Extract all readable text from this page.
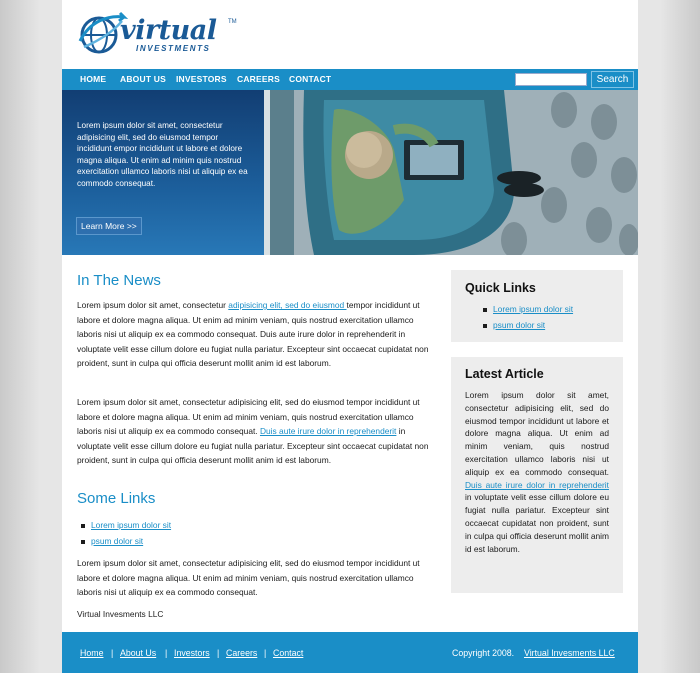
virtual TM
INVESTMENTS
HOME ABOUT US INVESTORS CAREERS CONTACT	Search
Lorem ipsum dolor sit amet, consectetur adipisicing elit, sed do eiusmod tempor incididunt empor incididunt ut labore et dolore magna aliqua. Ut enim ad minim quis nostrud exercitation ullamco laboris nisi ut aliquip ex ea commodo consequat.
Learn More >>
In The News

Lorem ipsum dolor sit amet, consectetur adipisicing elit, sed do eiusmod tempor incididunt ut labore et dolore magna aliqua. Ut enim ad minim veniam, quis nostrud exercitation ullamco laboris nisi ut aliquip ex ea commodo consequat. Duis aute irure dolor in reprehenderit in voluptate velit esse cillum dolore eu fugiat nulla pariatur. Excepteur sint occaecat cupidatat non proident, sunt in culpa qui officia deserunt mollit anim id est laborum.

Lorem ipsum dolor sit amet, consectetur adipisicing elit, sed do eiusmod tempor incididunt ut labore et dolore magna aliqua. Ut enim ad minim veniam, quis nostrud exercitation ullamco laboris nisi ut aliquip ex ea commodo consequat. Duis aute irure dolor in reprehenderit in voluptate velit esse cillum dolore eu fugiat nulla pariatur. Excepteur sint occaecat cupidatat non proident, sunt in culpa qui officia deserunt mollit anim id est laborum.

Some Links
Lorem ipsum dolor sit
psum dolor sit

Lorem ipsum dolor sit amet, consectetur adipisicing elit, sed do eiusmod tempor incididunt ut labore et dolore magna aliqua. Ut enim ad minim veniam, quis nostrud exercitation ullamco laboris nisi ut aliquip ex ea commodo consequat.

Virtual Invesments LLC
Quick Links
Lorem ipsum dolor sit
psum dolor sit
Latest Article

Lorem ipsum dolor sit amet, consectetur adipisicing elit, sed do eiusmod tempor incididunt ut labore et dolore magna aliqua. Ut enim ad minim veniam, quis nostrud exercitation ullamco laboris nisi ut aliquip ex ea commodo consequat. Duis aute irure dolor in reprehenderit in voluptate velit esse cillum dolore eu fugiat nulla pariatur. Excepteur sint occaecat cupidatat non proident, sunt in culpa qui officia deserunt mollit anim id est laborum.

Home | About Us | Investors | Careers | Contact	Copyright 2008. Virtual Invesments LLC
